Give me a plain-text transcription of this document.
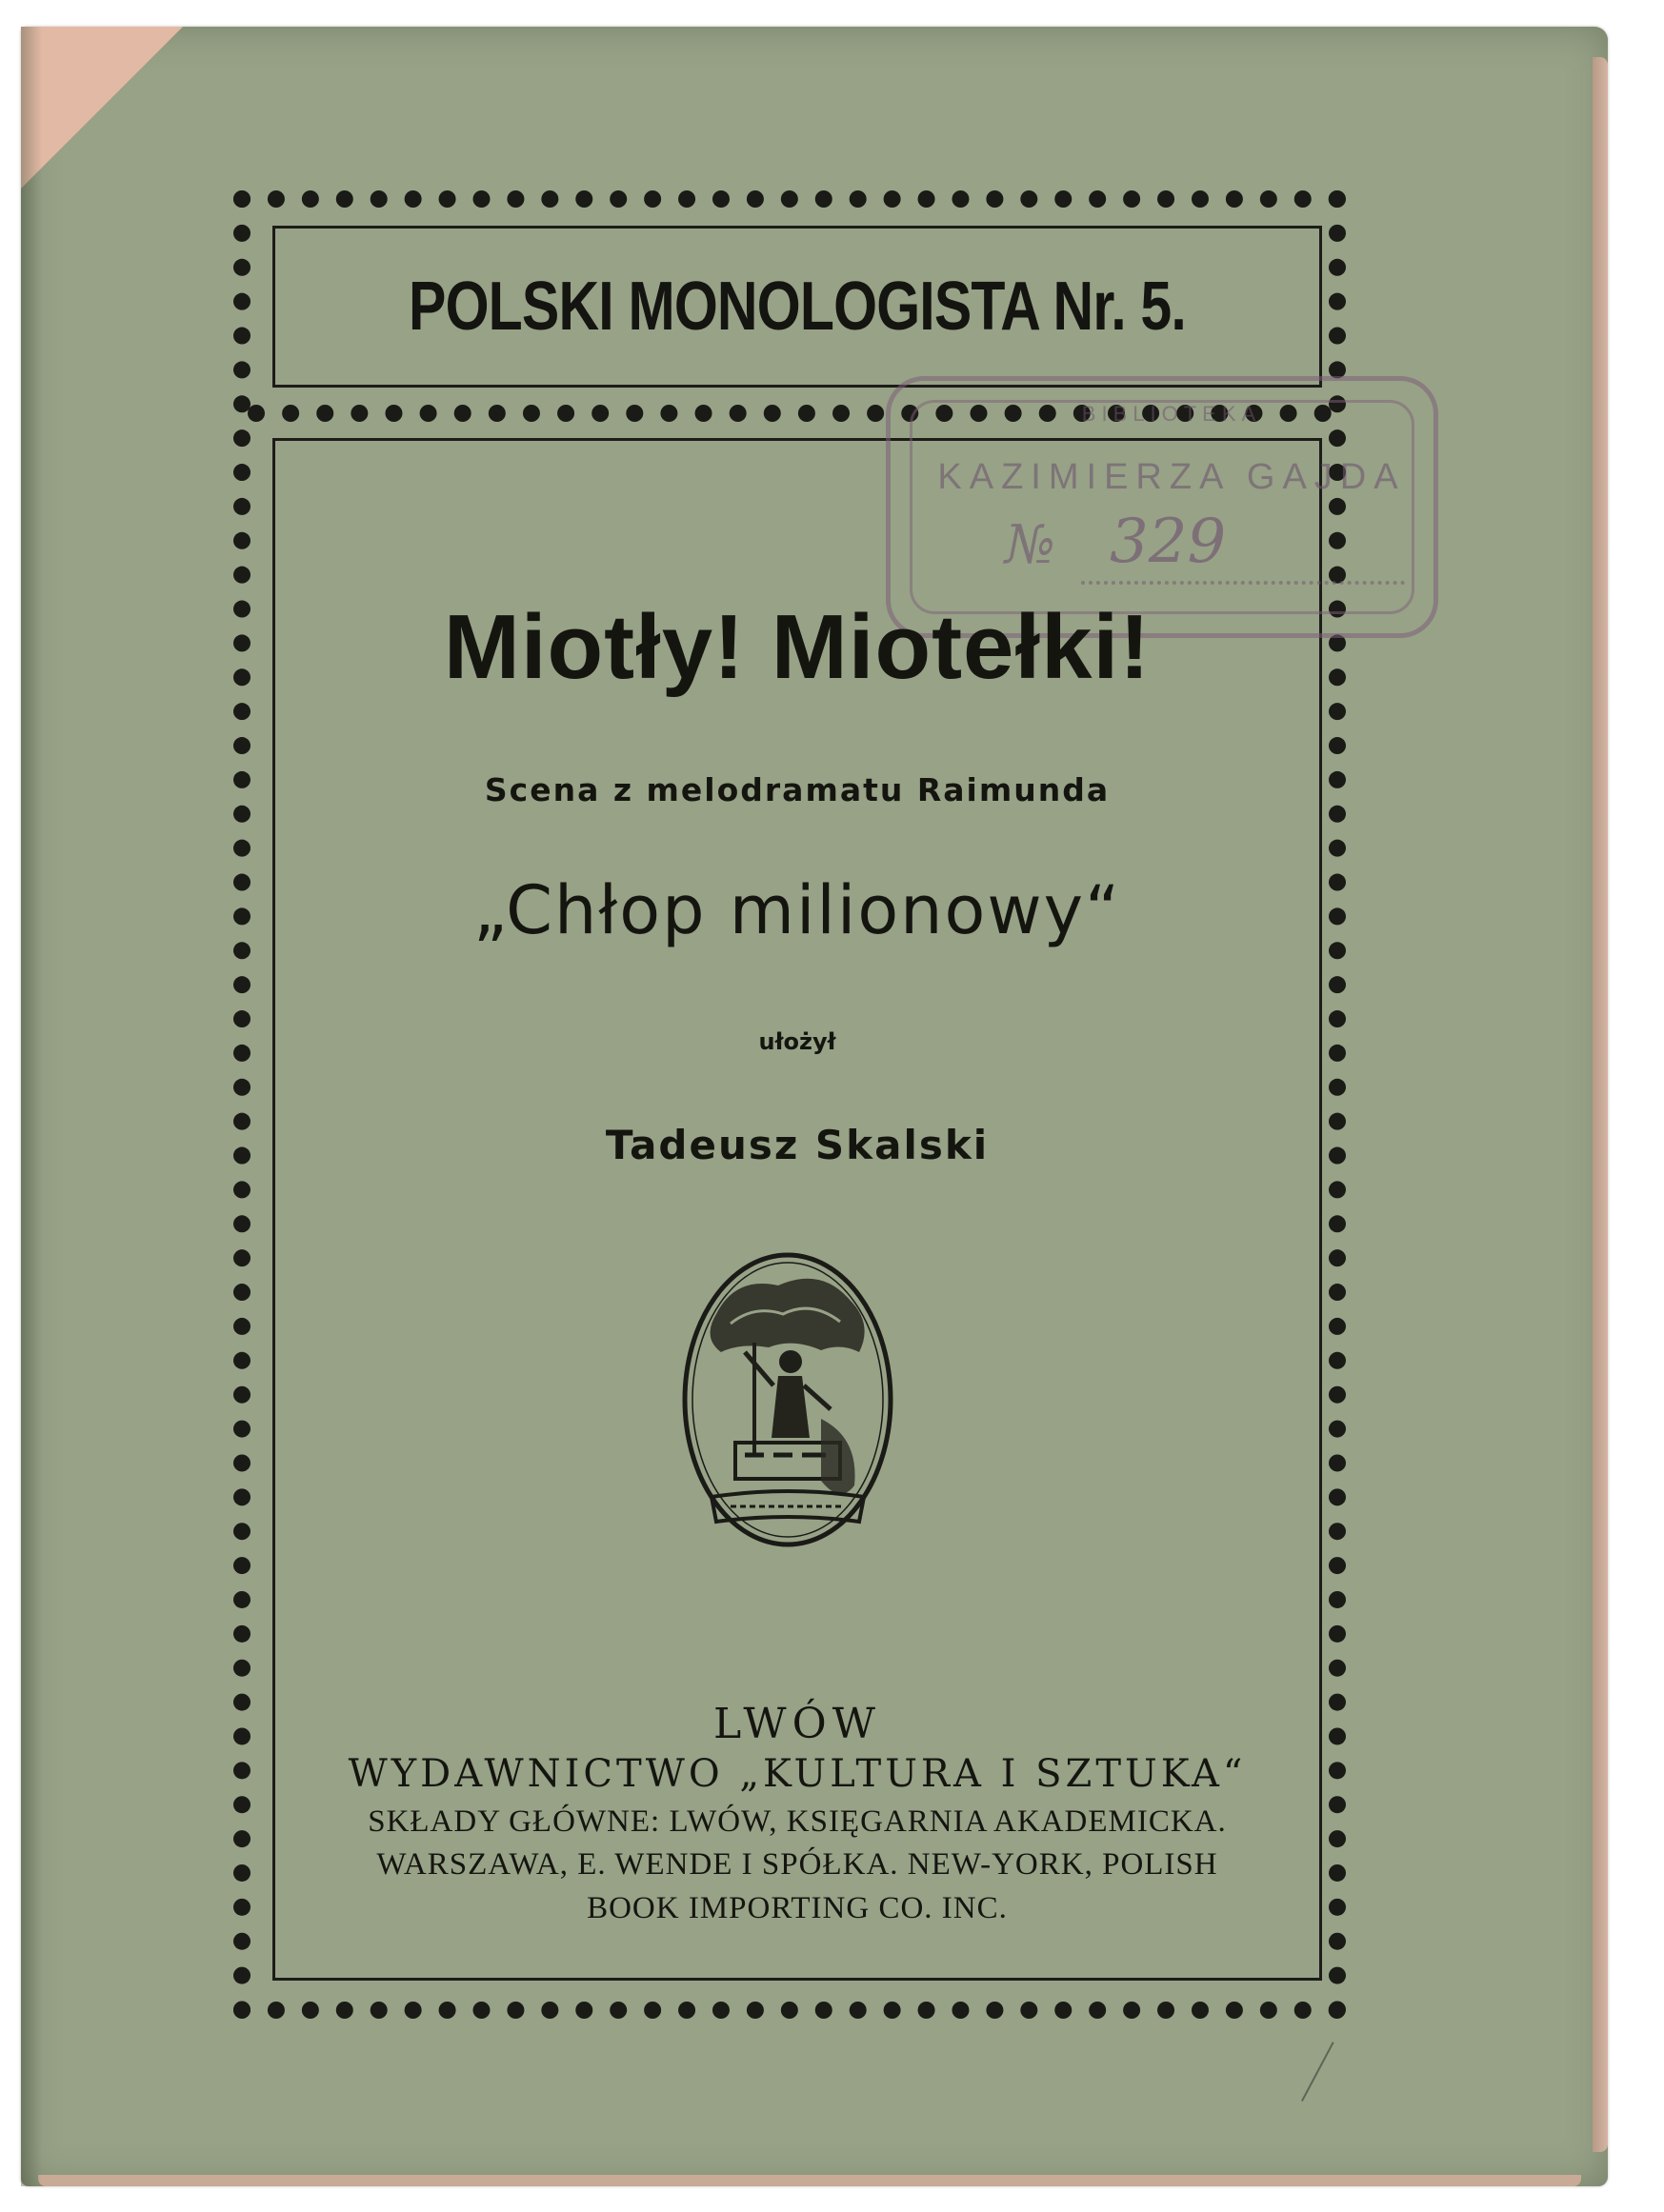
POLSKI MONOLOGISTA Nr. 5.
BIBLIOTEKA
KAZIMIERZA GAJDA
№ 329
Miotły! Miotełki!
Scena z melodramatu Raimunda
„Chłop milionowy“
ułożył
Tadeusz Skalski
LWÓW
WYDAWNICTWO „KULTURA I SZTUKA“
SKŁADY GŁÓWNE: LWÓW, KSIĘGARNIA AKADEMICKA.
WARSZAWA, E. WENDE I SPÓŁKA. NEW-YORK, POLISH
BOOK IMPORTING CO. INC.
